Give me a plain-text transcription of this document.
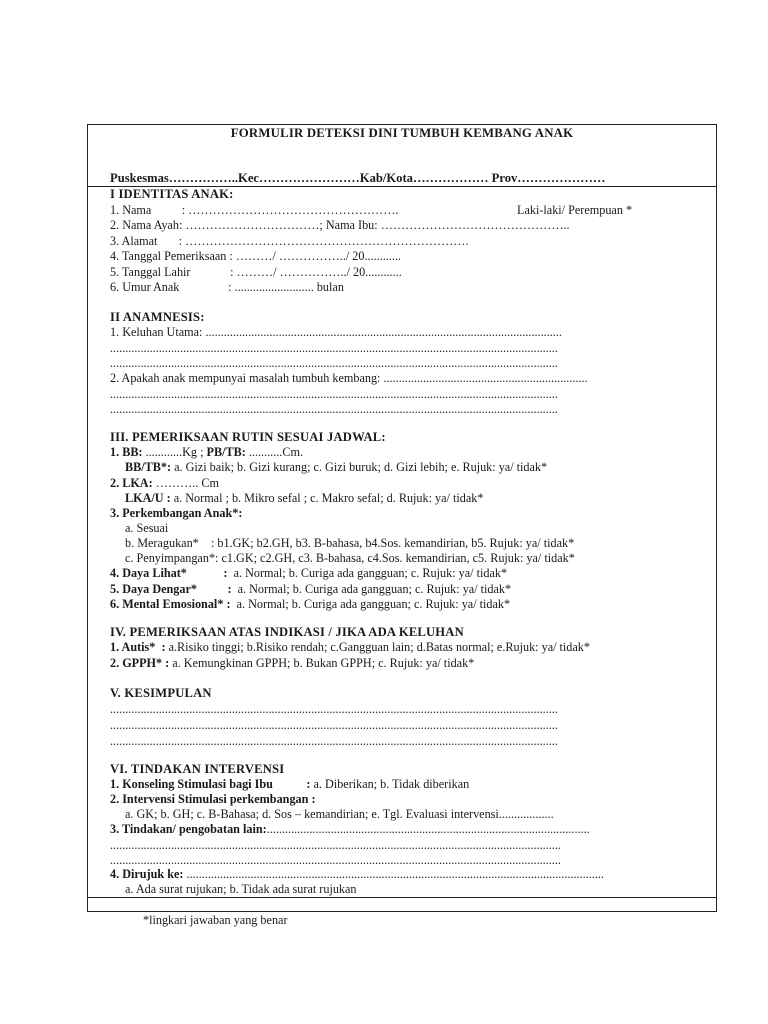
FORMULIR DETEKSI DINI TUMBUH KEMBANG ANAK
Puskesmas……………..Kec……………………Kab/Kota……………… Prov…………………
I IDENTITAS ANAK:
1. Nama          : …………………………………………….	Laki-laki/ Perempuan *
2. Nama Ayah: ……………………………; Nama Ibu: ………………………………………..
3. Alamat       : …………………………………………………………….
4. Tanggal Pemeriksaan : ………/ ……………../ 20............
5. Tanggal Lahir             : ………/ ……………../ 20............
6. Umur Anak                : .......................... bulan
II ANAMNESIS:
1. Keluhan Utama: .....................................................................................................................
...................................................................................................................................................
...................................................................................................................................................
2. Apakah anak mempunyai masalah tumbuh kembang: ...................................................................
...................................................................................................................................................
...................................................................................................................................................
III. PEMERIKSAAN RUTIN SESUAI JADWAL:
1. BB: ............Kg ; PB/TB: ...........Cm.
BB/TB*: a. Gizi baik; b. Gizi kurang; c. Gizi buruk; d. Gizi lebih; e. Rujuk: ya/ tidak*
2. LKA: ……….. Cm
LKA/U : a. Normal ; b. Mikro sefal ; c. Makro sefal; d. Rujuk: ya/ tidak*
3. Perkembangan Anak*:
a. Sesuai
b. Meragukan*    : b1.GK; b2.GH, b3. B-bahasa, b4.Sos. kemandirian, b5. Rujuk: ya/ tidak*
c. Penyimpangan*: c1.GK; c2.GH, c3. B-bahasa, c4.Sos. kemandirian, c5. Rujuk: ya/ tidak*
4. Daya Lihat*            :  a. Normal; b. Curiga ada gangguan; c. Rujuk: ya/ tidak*
5. Daya Dengar*          :  a. Normal; b. Curiga ada gangguan; c. Rujuk: ya/ tidak*
6. Mental Emosional* :  a. Normal; b. Curiga ada gangguan; c. Rujuk: ya/ tidak*
IV. PEMERIKSAAN ATAS INDIKASI / JIKA ADA KELUHAN
1. Autis*  : a.Risiko tinggi; b.Risiko rendah; c.Gangguan lain; d.Batas normal; e.Rujuk: ya/ tidak*
2. GPPH* : a. Kemungkinan GPPH; b. Bukan GPPH; c. Rujuk: ya/ tidak*
V. KESIMPULAN
...................................................................................................................................................
...................................................................................................................................................
...................................................................................................................................................
VI. TINDAKAN INTERVENSI
1. Konseling Stimulasi bagi Ibu           : a. Diberikan; b. Tidak diberikan
2. Intervensi Stimulasi perkembangan :
a. GK; b. GH; c. B-Bahasa; d. Sos – kemandirian; e. Tgl. Evaluasi intervensi..................
3. Tindakan/ pengobatan lain:..........................................................................................................
....................................................................................................................................................
....................................................................................................................................................
4. Dirujuk ke: .........................................................................................................................................
a. Ada surat rujukan; b. Tidak ada surat rujukan
*lingkari jawaban yang benar
